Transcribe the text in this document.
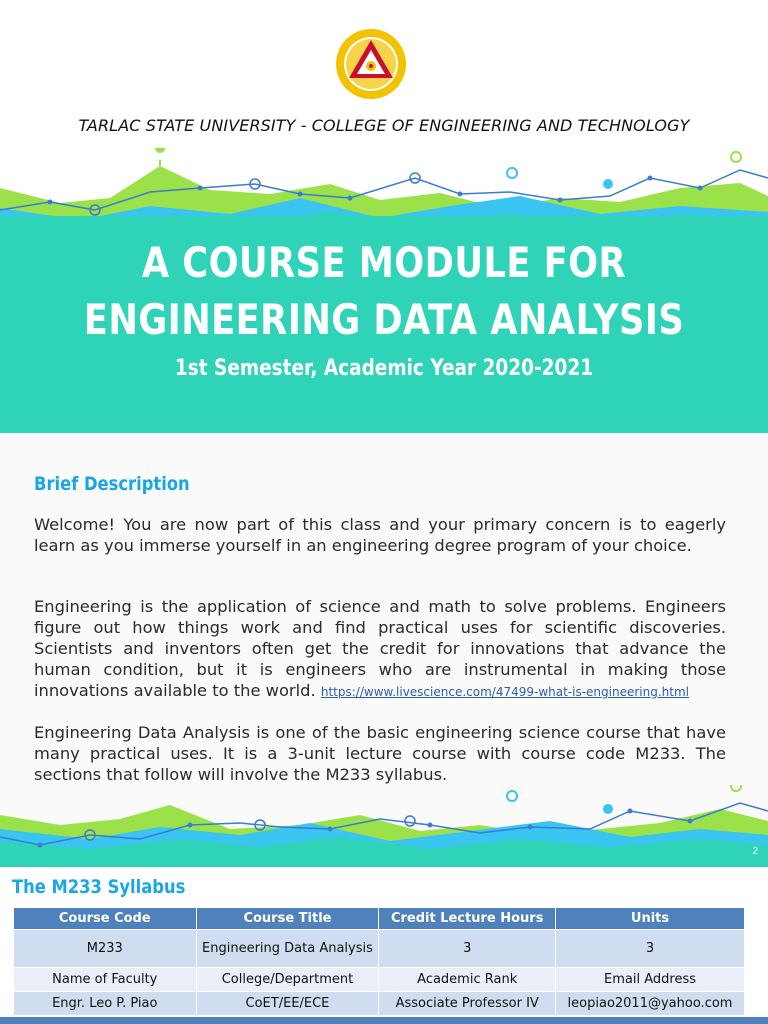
TARLAC STATE UNIVERSITY - COLLEGE OF ENGINEERING AND TECHNOLOGY
A COURSE MODULE FOR
ENGINEERING DATA ANALYSIS
1st Semester, Academic Year 2020-2021
Brief Description

Welcome! You are now part of this class and your primary concern is to eagerly learn as you immerse yourself in an engineering degree program of your choice.

Engineering is the application of science and math to solve problems. Engineers figure out how things work and find practical uses for scientific discoveries. Scientists and inventors often get the credit for innovations that advance the human condition, but it is engineers who are instrumental in making those innovations available to the world. https://www.livescience.com/47499-what-is-engineering.html

Engineering Data Analysis is one of the basic engineering science course that have many practical uses. It is a 3-unit lecture course with course code M233. The sections that follow will involve the M233 syllabus.

2
The M233 Syllabus
Course Code	Course Title	Credit Lecture Hours	Units
M233	Engineering Data Analysis	3	3
Name of Faculty	College/Department	Academic Rank	Email Address
Engr. Leo P. Piao	CoET/EE/ECE	Associate Professor IV	leopiao2011@yahoo.com
